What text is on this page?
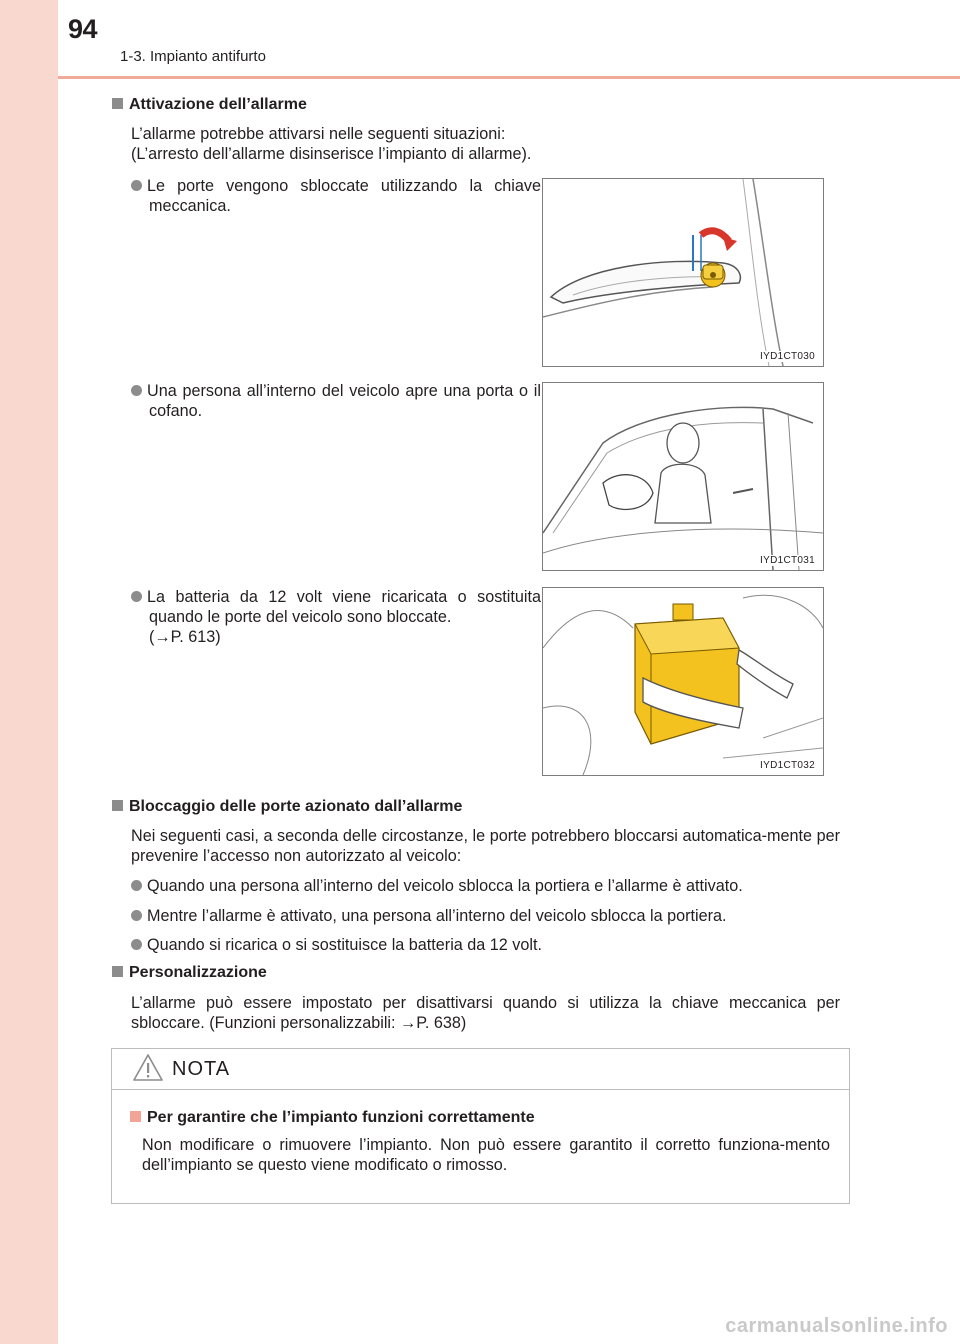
94
1-3. Impianto antifurto
Attivazione dell’allarme
L’allarme potrebbe attivarsi nelle seguenti situazioni:
(L’arresto dell’allarme disinserisce l’impianto di allarme).
Le porte vengono sbloccate utilizzando la chiave meccanica.
IYD1CT030
Una persona all’interno del veicolo apre una porta o il cofano.
IYD1CT031
La batteria da 12 volt viene ricaricata o sostituita quando le porte del veicolo sono bloccate.
(→P. 613)
IYD1CT032
Bloccaggio delle porte azionato dall’allarme
Nei seguenti casi, a seconda delle circostanze, le porte potrebbero bloccarsi automatica-mente per prevenire l’accesso non autorizzato al veicolo:
Quando una persona all’interno del veicolo sblocca la portiera e l’allarme è attivato.
Mentre l’allarme è attivato, una persona all’interno del veicolo sblocca la portiera.
Quando si ricarica o si sostituisce la batteria da 12 volt.
Personalizzazione
L’allarme può essere impostato per disattivarsi quando si utilizza la chiave meccanica per sbloccare. (Funzioni personalizzabili: →P. 638)
NOTA
Per garantire che l’impianto funzioni correttamente
Non modificare o rimuovere l’impianto. Non può essere garantito il corretto funziona-mento dell’impianto se questo viene modificato o rimosso.
carmanualsonline.info
